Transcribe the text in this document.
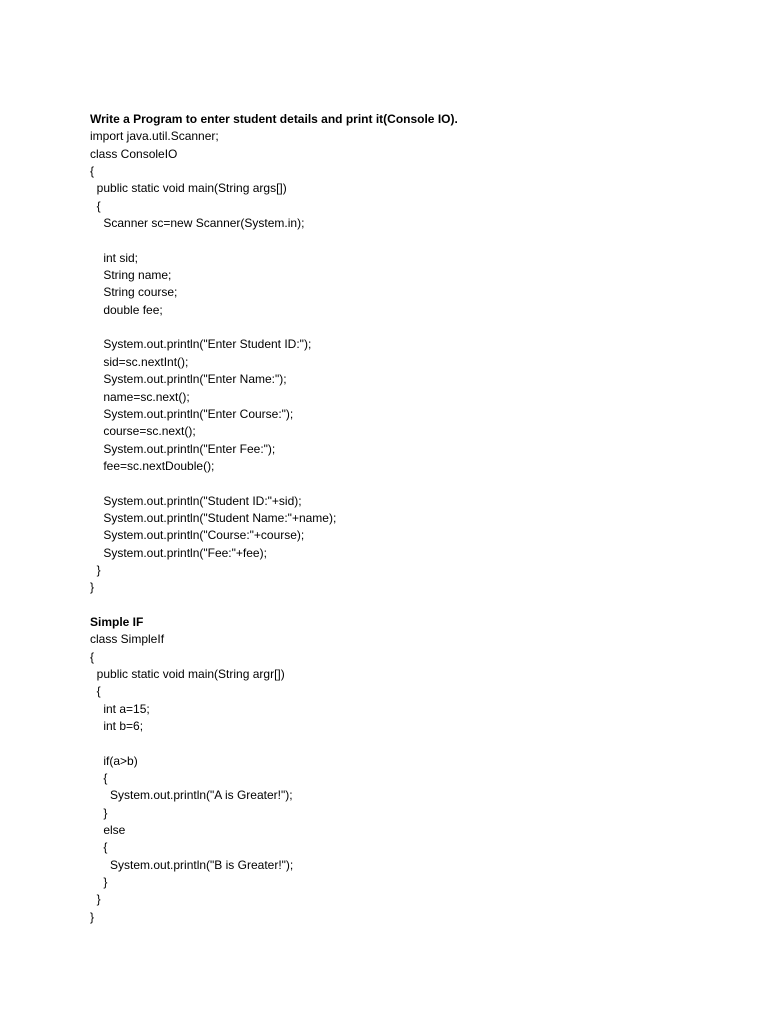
Write a Program to enter student details and print it(Console IO).
import java.util.Scanner;
class ConsoleIO
{
public static void main(String args[])
{
Scanner sc=new Scanner(System.in);
int sid;
String name;
String course;
double fee;
System.out.println("Enter Student ID:");
sid=sc.nextInt();
System.out.println("Enter Name:");
name=sc.next();
System.out.println("Enter Course:");
course=sc.next();
System.out.println("Enter Fee:");
fee=sc.nextDouble();
System.out.println("Student ID:"+sid);
System.out.println("Student Name:"+name);
System.out.println("Course:"+course);
System.out.println("Fee:"+fee);
}
}
Simple IF
class SimpleIf
{
public static void main(String argr[])
{
int a=15;
int b=6;
if(a>b)
{
System.out.println("A is Greater!");
}
else
{
System.out.println("B is Greater!");
}
}
}
